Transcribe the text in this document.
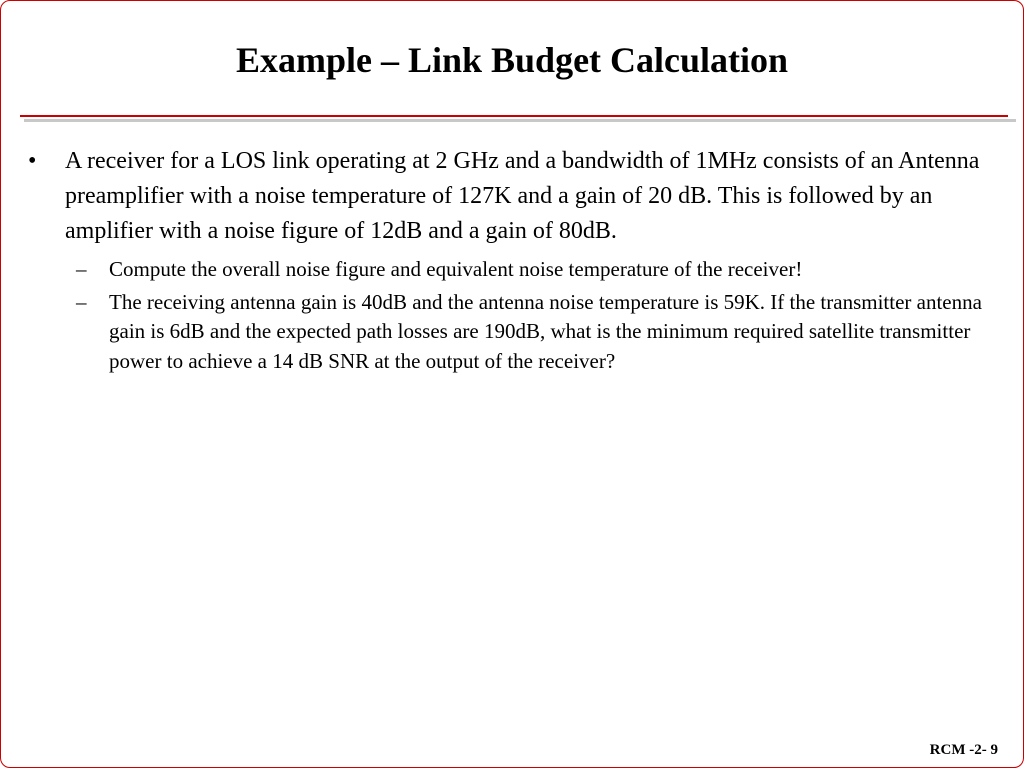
Example – Link Budget Calculation
• A receiver for a LOS link operating at 2 GHz and a bandwidth of 1MHz consists of an Antenna preamplifier with a noise temperature of 127K and a gain of 20 dB. This is followed by an amplifier with a noise figure of 12dB and a gain of 80dB.
– Compute the overall noise figure and equivalent noise temperature of the receiver!
– The receiving antenna gain is 40dB and the antenna noise temperature is 59K. If the transmitter antenna gain is 6dB and the expected path losses are 190dB, what is the minimum required satellite transmitter power to achieve a 14 dB SNR at the output of the receiver?
RCM -2- 9
